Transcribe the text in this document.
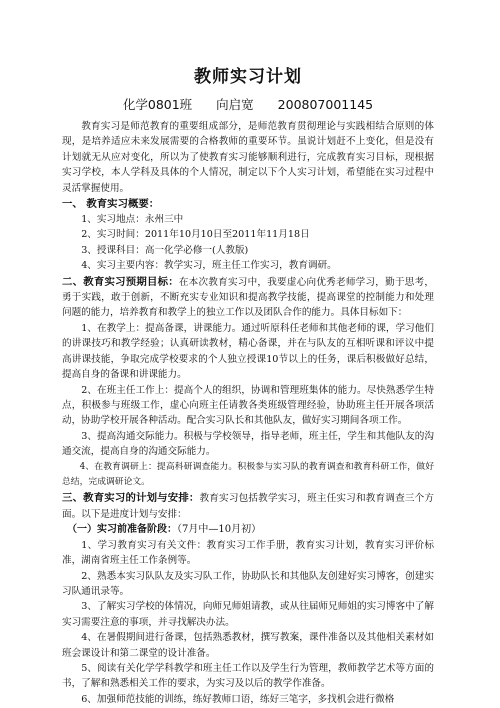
教师实习计划
化学0801班 向启宽 200807001145

教育实习是师范教育的重要组成部分，是师范教育贯彻理论与实践相结合原则的体现，是培养适应未来发展需要的合格教师的重要环节。虽说计划赶不上变化，但是没有计划就无从应对变化，所以为了使教育实习能够顺利进行，完成教育实习目标，现根据实习学校，本人学科及具体的个人情况，制定以下个人实习计划，希望能在实习过程中灵活掌握使用。

一、 教育实习概要：

1、实习地点：永州三中

2、实习时间：2011年10月10日至2011年11月18日

3、授课科目：高一化学必修一(人教版)

4、实习主要内容：教学实习，班主任工作实习，教育调研。

二、教育实习预期目标：在本次教育实习中，我要虚心向优秀老师学习，勤于思考，勇于实践，敢于创新，不断充实专业知识和提高教学技能，提高课堂的控制能力和处理问题的能力，培养教育和教学上的独立工作以及团队合作的能力。具体目标如下：

1、在教学上：提高备课，讲课能力。通过听原科任老师和其他老师的课，学习他们的讲课技巧和教学经验；认真研读教材，精心备课，并在与队友的互相听课和评议中提高讲课技能，争取完成学校要求的个人独立授课10节以上的任务，课后积极做好总结，提高自身的备课和讲课能力。

2、在班主任工作上：提高个人的组织，协调和管理班集体的能力。尽快熟悉学生特点，积极参与班级工作，虚心向班主任请教各类班级管理经验，协助班主任开展各项活动，协助学校开展各种活动。配合实习队长和其他队友，做好实习期间各项工作。

3、提高沟通交际能力。积极与学校领导，指导老师，班主任，学生和其他队友的沟通交流，提高自身的沟通交际能力。

4、在教育调研上：提高科研调查能力。积极参与实习队的教育调查和教育科研工作，做好总结，完成调研论文。

三、教育实习的计划与安排：教育实习包括教学实习，班主任实习和教育调查三个方面。以下是进度计划与安排：

（一）实习前准备阶段：（7月中—10月初）

1、学习教育实习有关文件：教育实习工作手册，教育实习计划，教育实习评价标准，湖南省班主任工作条例等。

2、熟悉本实习队队友及实习队工作，协助队长和其他队友创建好实习博客，创建实习队通讯录等。

3、了解实习学校的体情况，向师兄师姐请教，或从往届师兄师姐的实习博客中了解实习需要注意的事项，并寻找解决办法。

4、在暑假期间进行备课，包括熟悉教材，撰写教案，课件准备以及其他相关素材如班会课设计和第二课堂的设计准备。

5、阅读有关化学学科教学和班主任工作以及学生行为管理，教师教学艺术等方面的书，了解和熟悉相关工作的要求，为实习及以后的教学作准备。

6、加强师范技能的训练，练好教师口语，练好三笔字，多找机会进行微格
